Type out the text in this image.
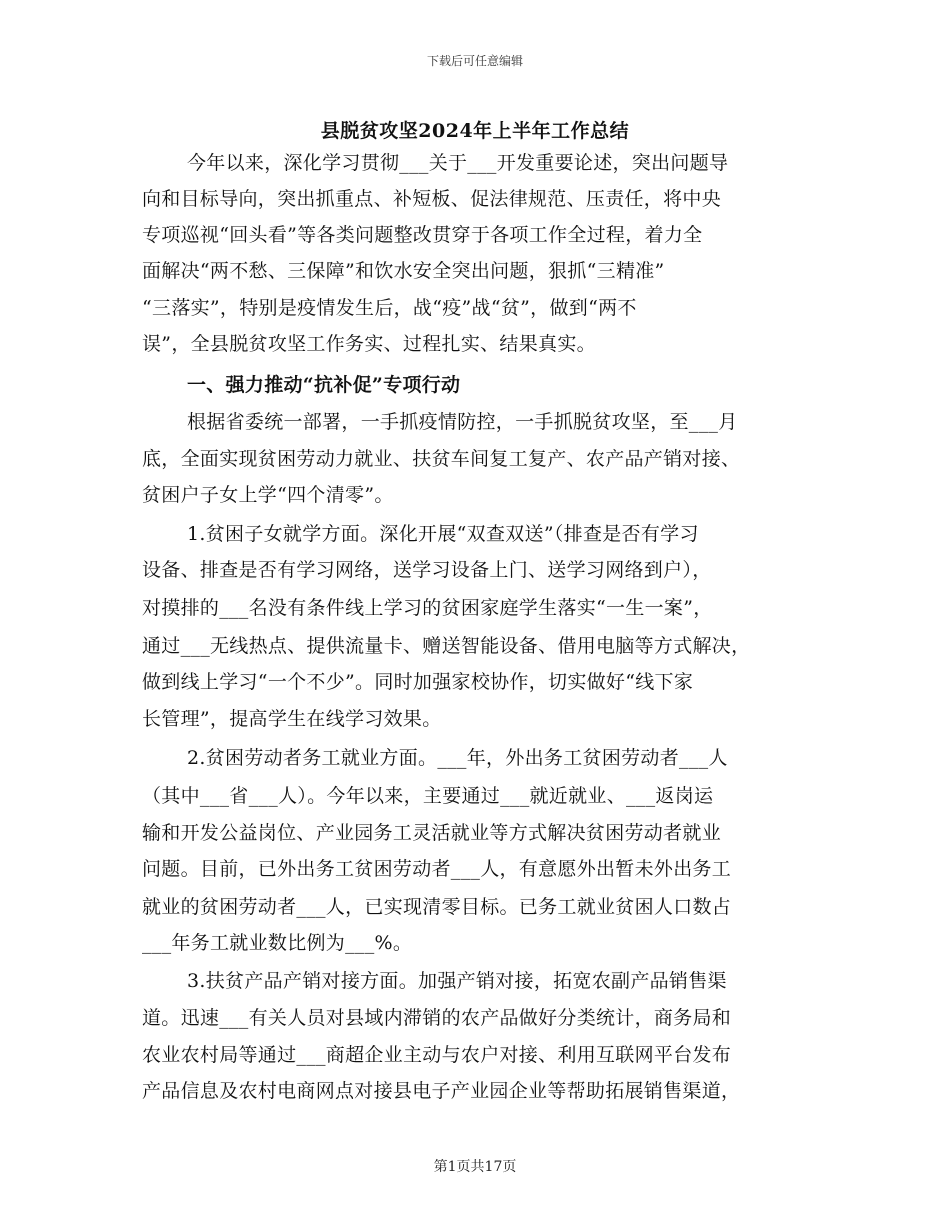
下载后可任意编辑
县脱贫攻坚2024年上半年工作总结
今年以来，深化学习贯彻___关于___开发重要论述，突出问题导
向和目标导向，突出抓重点、补短板、促法律规范、压责任，将中央
专项巡视“回头看”等各类问题整改贯穿于各项工作全过程，着力全
面解决“两不愁、三保障”和饮水安全突出问题，狠抓“三精准”
“三落实”，特别是疫情发生后，战“疫”战“贫”，做到“两不
误”，全县脱贫攻坚工作务实、过程扎实、结果真实。
一、强力推动“抗补促”专项行动
根据省委统一部署，一手抓疫情防控，一手抓脱贫攻坚，至___月
底，全面实现贫困劳动力就业、扶贫车间复工复产、农产品产销对接、
贫困户子女上学“四个清零”。
1.贫困子女就学方面。深化开展“双查双送”（排查是否有学习
设备、排查是否有学习网络，送学习设备上门、送学习网络到户），
对摸排的___名没有条件线上学习的贫困家庭学生落实“一生一案”，
通过___无线热点、提供流量卡、赠送智能设备、借用电脑等方式解决，
做到线上学习“一个不少”。同时加强家校协作，切实做好“线下家
长管理”，提高学生在线学习效果。
2.贫困劳动者务工就业方面。___年，外出务工贫困劳动者___人
（其中___省___人）。今年以来，主要通过___就近就业、___返岗运
输和开发公益岗位、产业园务工灵活就业等方式解决贫困劳动者就业
问题。目前，已外出务工贫困劳动者___人，有意愿外出暂未外出务工
就业的贫困劳动者___人，已实现清零目标。已务工就业贫困人口数占
___年务工就业数比例为___%。
3.扶贫产品产销对接方面。加强产销对接，拓宽农副产品销售渠
道。迅速___有关人员对县域内滞销的农产品做好分类统计，商务局和
农业农村局等通过___商超企业主动与农户对接、利用互联网平台发布
产品信息及农村电商网点对接县电子产业园企业等帮助拓展销售渠道，
第1页共17页
